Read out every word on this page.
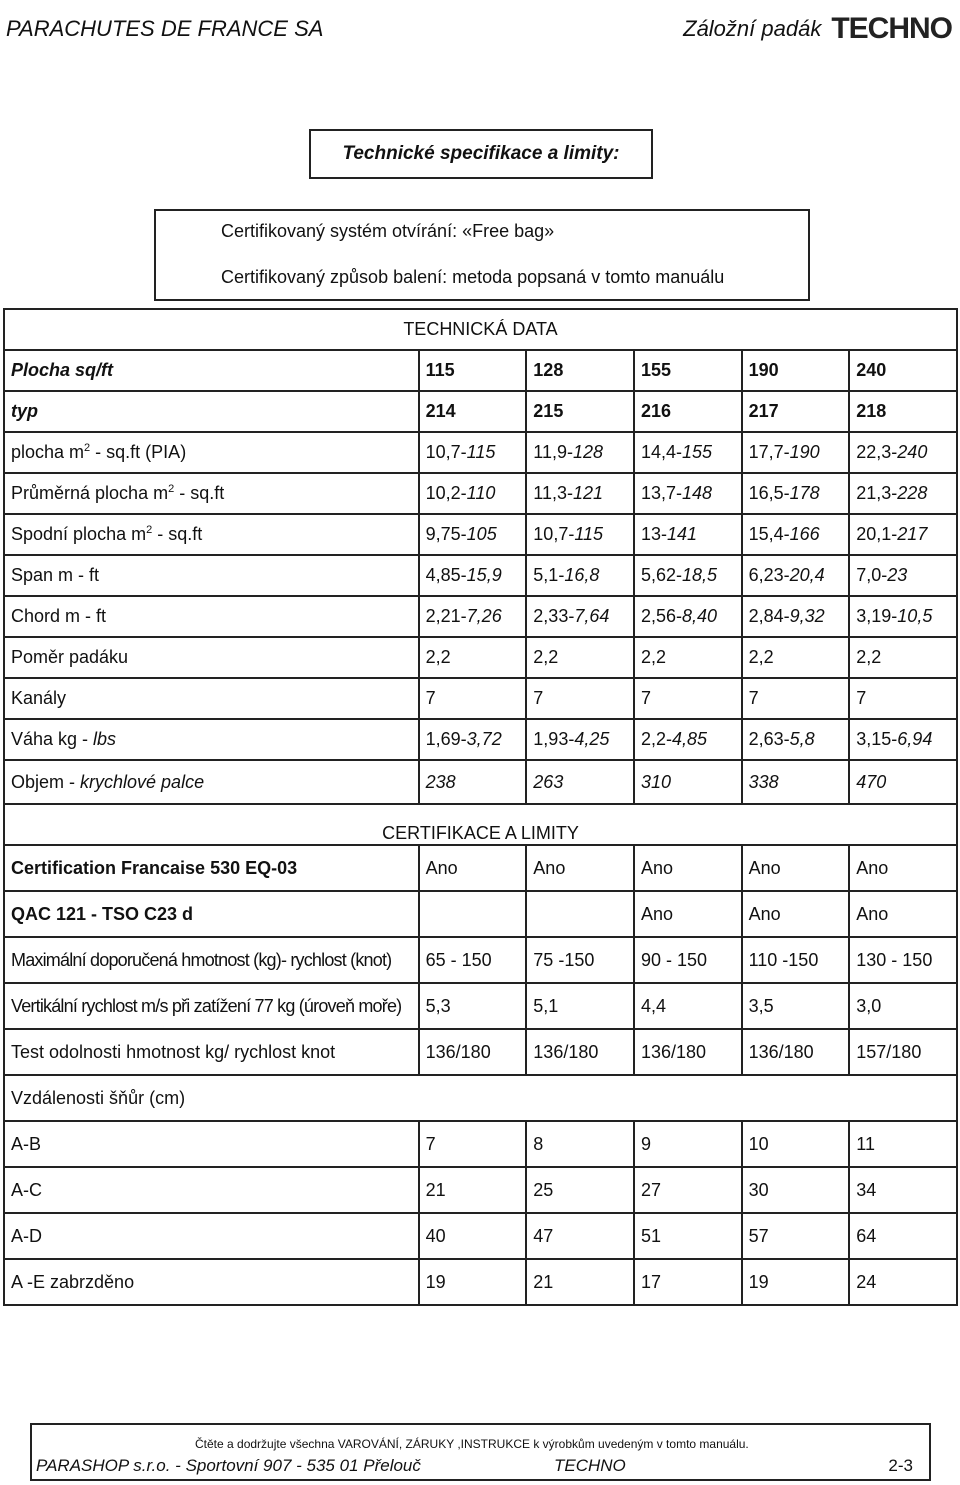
PARACHUTES DE FRANCE SA	Záložní padák TECHNO
Technické specifikace a limity:
Certifikovaný systém otvírání: «Free bag»
Certifikovaný způsob balení: metoda popsaná v tomto manuálu
TECHNICKÁ DATA					
Plocha sq/ft	115	128	155	190	240
typ	214	215	216	217	218
plocha $m^2 - sq.ft$ (PIA)	10,7-115	11,9-128	14,4-155	17,7-190	22,3-240
Průměrná plocha $m^2 - sq.ft$	10,2-110	11,3-121	13,7-148	16,5-178	21,3-228
Spodní plocha $m^2 - sq.ft$	9,75-105	10,7-115	13-141	15,4-166	20,1-217
Span m - ft	4,85-15,9	5,1-16,8	5,62-18,5	6,23-20,4	7,0-23
Chord m - ft	2,21-7,26	2,33-7,64	2,56-8,40	2,84-9,32	3,19-10,5
Poměr padáku	2,2	2,2	2,2	2,2	2,2
Kanály	7	7	7	7	7
Váha kg - lbs	1,69-3,72	1,93-4,25	2,2-4,85	2,63-5,8	3,15-6,94
Objem - krychlové palce	238	263	310	338	470
CERTIFIKACE A LIMITY					
Certification Francaise 530 EQ-03	Ano	Ano	Ano	Ano	Ano
QAC 121 - TSO C23 d			Ano	Ano	Ano
Maximální doporučená hmotnost (kg)- rychlost (knot)	65 - 150	75 -150	90 - 150	110 -150	130 - 150
Vertikální rychlost m/s při zatížení 77 kg (úroveň moře)	5,3	5,1	4,4	3,5	3,0
Test odolnosti hmotnost kg/ rychlost knot	136/180	136/180	136/180	136/180	157/180
Vzdálenosti šňůr (cm)					
A-B	7	8	9	10	11
A-C	21	25	27	30	34
A-D	40	47	51	57	64
A -E zabrzděno	19	21	17	19	24
Čtěte a dodržujte všechna VAROVÁNÍ, ZÁRUKY ,INSTRUKCE k výrobkům uvedeným v tomto manuálu.
PARASHOP s.r.o. - Sportovní 907 - 535 01 Přelouč	TECHNO	2-3
